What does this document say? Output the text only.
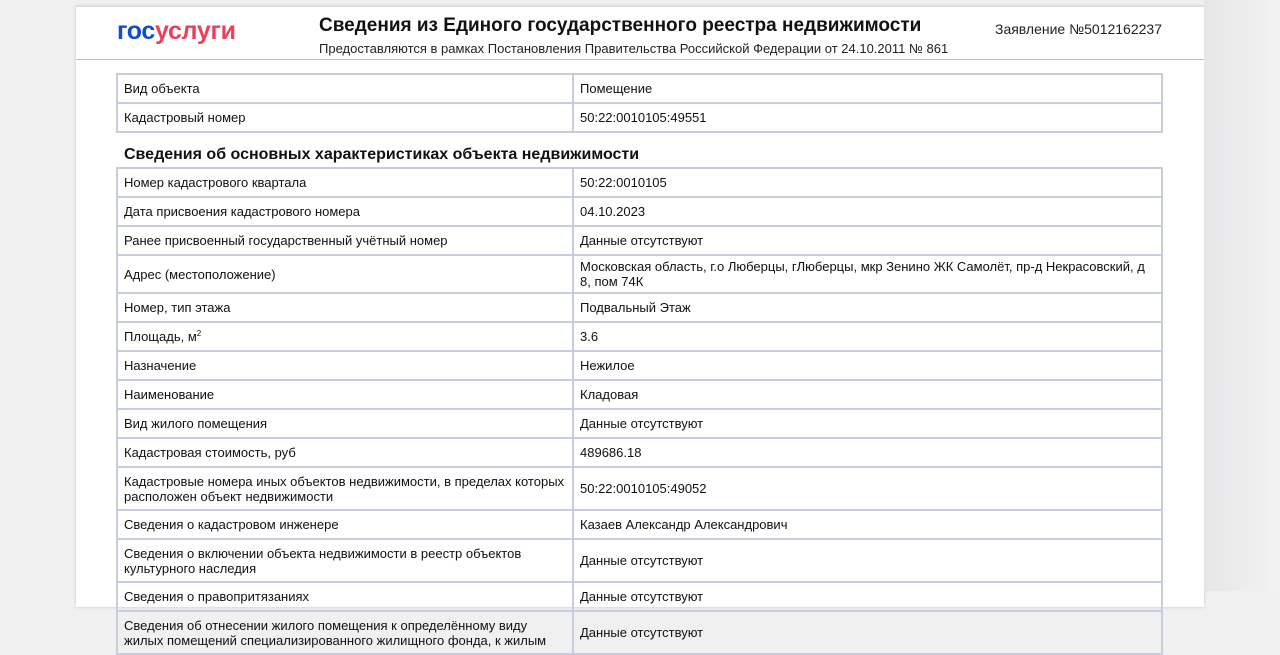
госуслуги	Сведения из Единого государственного реестра недвижимости
Предоставляются в рамках Постановления Правительства Российской Федерации от 24.10.2011 № 861
Заявление №5012162237
Вид объекта	Помещение
Кадастровый номер	50:22:0010105:49551
Сведения об основных характеристиках объекта недвижимости
Номер кадастрового квартала	50:22:0010105
Дата присвоения кадастрового номера	04.10.2023
Ранее присвоенный государственный учётный номер	Данные отсутствуют
Адрес (местоположение)	Московская область, г.о Люберцы, гЛюберцы, мкр Зенино ЖК Самолёт, пр-д Некрасовский, д 8, пом 74К
Номер, тип этажа	Подвальный Этаж
Площадь, $м^2$	3.6
Назначение	Нежилое
Наименование	Кладовая
Вид жилого помещения	Данные отсутствуют
Кадастровая стоимость, руб	489686.18
Кадастровые номера иных объектов недвижимости, в пределах которых расположен объект недвижимости	50:22:0010105:49052
Сведения о кадастровом инженере	Казаев Александр Александрович
Сведения о включении объекта недвижимости в реестр объектов культурного наследия	Данные отсутствуют
Сведения о правопритязаниях	Данные отсутствуют
Сведения об отнесении жилого помещения к определённому виду жилых помещений специализированного жилищного фонда, к жилым	Данные отсутствуют
